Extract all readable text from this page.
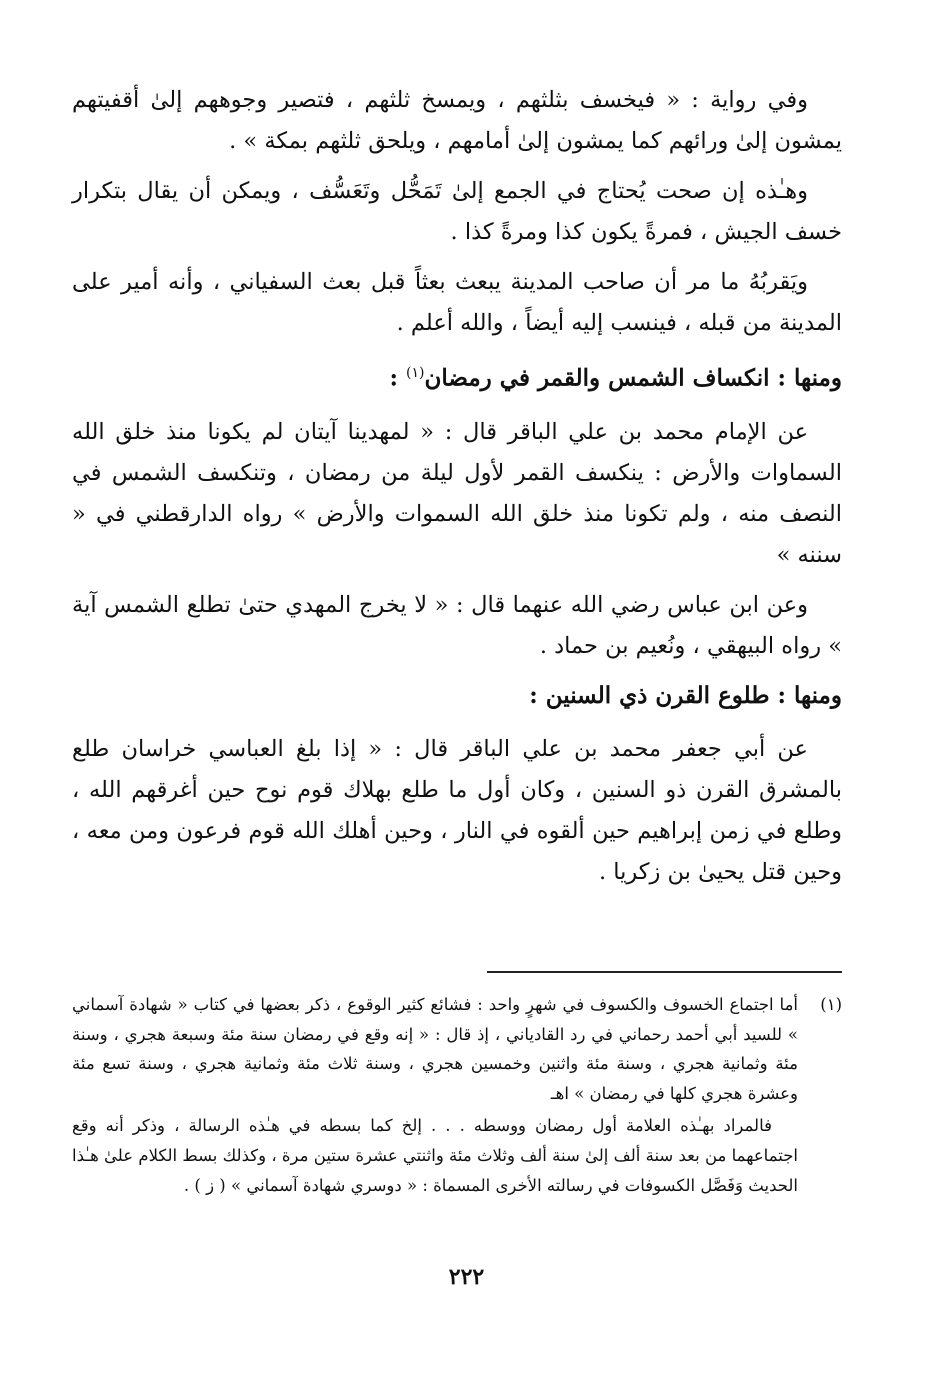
وفي رواية : « فيخسف بثلثهم ، ويمسخ ثلثهم ، فتصير وجوههم إلىٰ أقفيتهم يمشون إلىٰ ورائهم كما يمشون إلىٰ أمامهم ، ويلحق ثلثهم بمكة » .

وهـٰذه إن صحت يُحتاج في الجمع إلىٰ تَمَحُّل وتَعَسُّف ، ويمكن أن يقال بتكرار خسف الجيش ، فمرةً يكون كذا ومرةً كذا .

ويَقربُهُ ما مر أن صاحب المدينة يبعث بعثاً قبل بعث السفياني ، وأنه أمير على المدينة من قبله ، فينسب إليه أيضاً ، والله أعلم .

ومنها : انكساف الشمس والقمر في رمضان$^{(١)}$ :

عن الإمام محمد بن علي الباقر قال : « لمهدينا آيتان لم يكونا منذ خلق الله السماوات والأرض : ينكسف القمر لأول ليلة من رمضان ، وتنكسف الشمس في النصف منه ، ولم تكونا منذ خلق الله السموات والأرض » رواه الدارقطني في « سننه »

وعن ابن عباس رضي الله عنهما قال : « لا يخرج المهدي حتىٰ تطلع الشمس آية » رواه البيهقي ، ونُعيم بن حماد .

ومنها : طلوع القرن ذي السنين :

عن أبي جعفر محمد بن علي الباقر قال : « إذا بلغ العباسي خراسان طلع بالمشرق القرن ذو السنين ، وكان أول ما طلع بهلاك قوم نوح حين أغرقهم الله ، وطلع في زمن إبراهيم حين ألقوه في النار ، وحين أهلك الله قوم فرعون ومن معه ، وحين قتل يحيىٰ بن زكريا .

(١)

أما اجتماع الخسوف والكسوف في شهرٍ واحد : فشائع كثير الوقوع ، ذكر بعضها في كتاب « شهادة آسماني » للسيد أبي أحمد رحماني في رد القادياني ، إذ قال : « إنه وقع في رمضان سنة مئة وسبعة هجري ، وسنة مئة وثمانية هجري ، وسنة مئة واثنين وخمسين هجري ، وسنة ثلاث مئة وثمانية هجري ، وسنة تسع مئة وعشرة هجري كلها في رمضان » اهـ

فالمراد بهـٰذه العلامة أول رمضان ووسطه . . . إلخ كما بسطه في هـٰذه الرسالة ، وذكر أنه وقع اجتماعهما من بعد سنة ألف إلىٰ سنة ألف وثلاث مئة واثنتي عشرة ستين مرة ، وكذلك بسط الكلام علىٰ هـٰذا الحديث وَفَصَّل الكسوفات في رسالته الأخرى المسماة : « دوسري شهادة آسماني » ( ز ) .

٢٢٢
